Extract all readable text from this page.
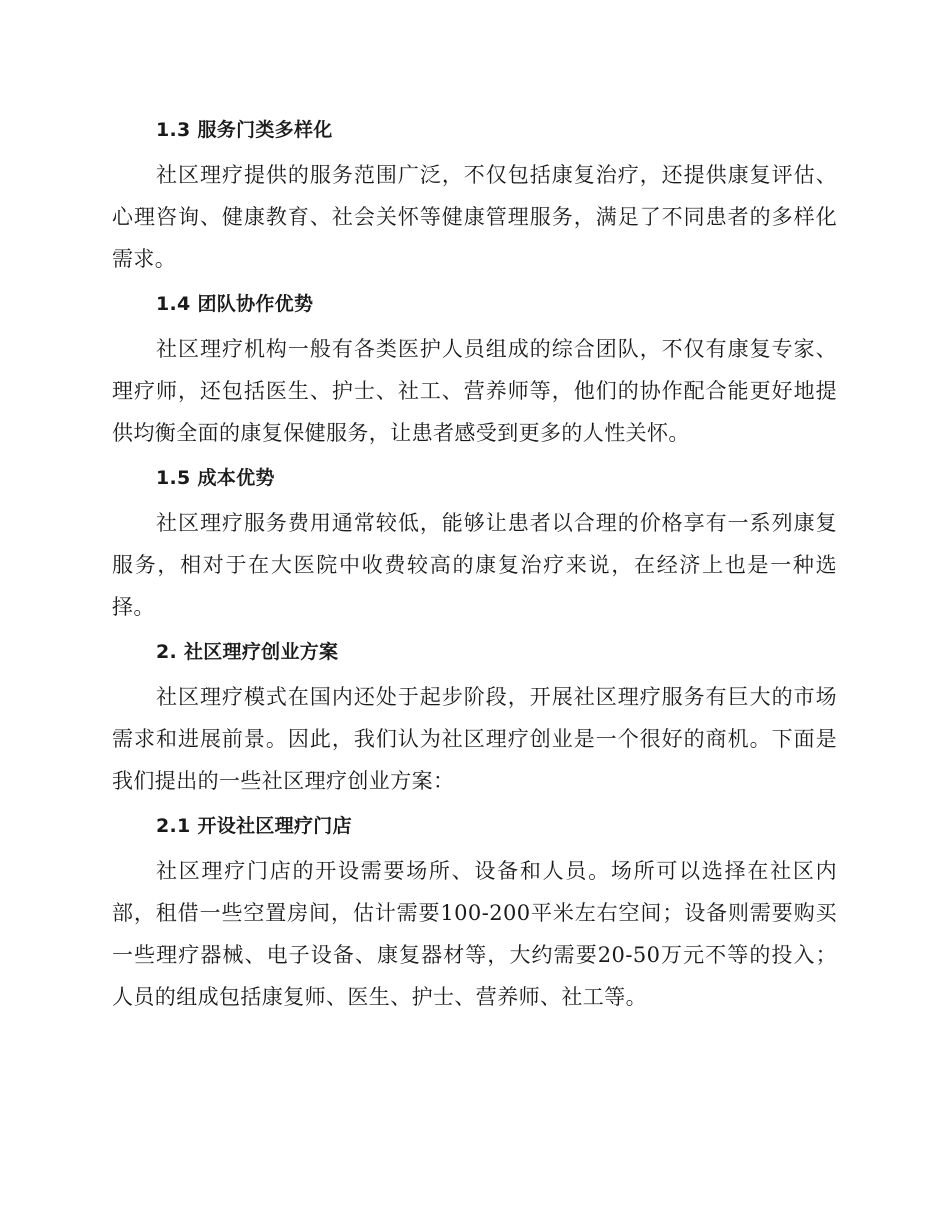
1.3 服务门类多样化

社区理疗提供的服务范围广泛，不仅包括康复治疗，还提供康复评估、心理咨询、健康教育、社会关怀等健康管理服务，满足了不同患者的多样化需求。

1.4 团队协作优势

社区理疗机构一般有各类医护人员组成的综合团队，不仅有康复专家、理疗师，还包括医生、护士、社工、营养师等，他们的协作配合能更好地提供均衡全面的康复保健服务，让患者感受到更多的人性关怀。

1.5 成本优势

社区理疗服务费用通常较低，能够让患者以合理的价格享有一系列康复服务，相对于在大医院中收费较高的康复治疗来说，在经济上也是一种选择。

2. 社区理疗创业方案

社区理疗模式在国内还处于起步阶段，开展社区理疗服务有巨大的市场需求和进展前景。因此，我们认为社区理疗创业是一个很好的商机。下面是我们提出的一些社区理疗创业方案：

2.1 开设社区理疗门店

社区理疗门店的开设需要场所、设备和人员。场所可以选择在社区内部，租借一些空置房间，估计需要100-200平米左右空间；设备则需要购买一些理疗器械、电子设备、康复器材等，大约需要20-50万元不等的投入；人员的组成包括康复师、医生、护士、营养师、社工等。
